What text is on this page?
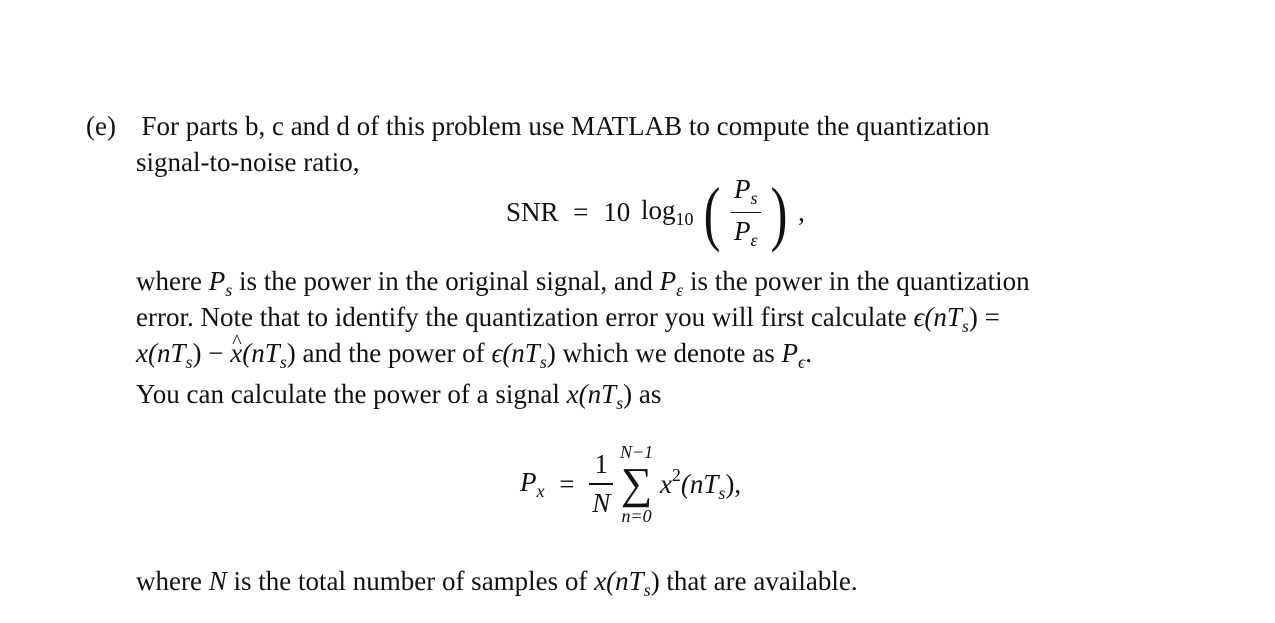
(e) For parts b, c and d of this problem use MATLAB to compute the quantization
signal-to-noise ratio,
SNR = 10 $\log_{10}$ ( $\frac{P_s}{P_\varepsilon}$ ) ,
where $P_s$ is the power in the original signal, and $P_\varepsilon$ is the power in the quantization
error. Note that to identify the quantization error you will first calculate $\epsilon(nT_s)$ =
$x(nT_s)$ − ^ $x(nT_s)$ and the power of $\epsilon(nT_s)$ which we denote as $P_\epsilon$.
You can calculate the power of a signal $x(nT_s)$ as
$P_x = \frac{1}{N}$
N−1
∑
n=0
$x^2(nT_s)$,
where N is the total number of samples of $x(nT_s)$ that are available.
